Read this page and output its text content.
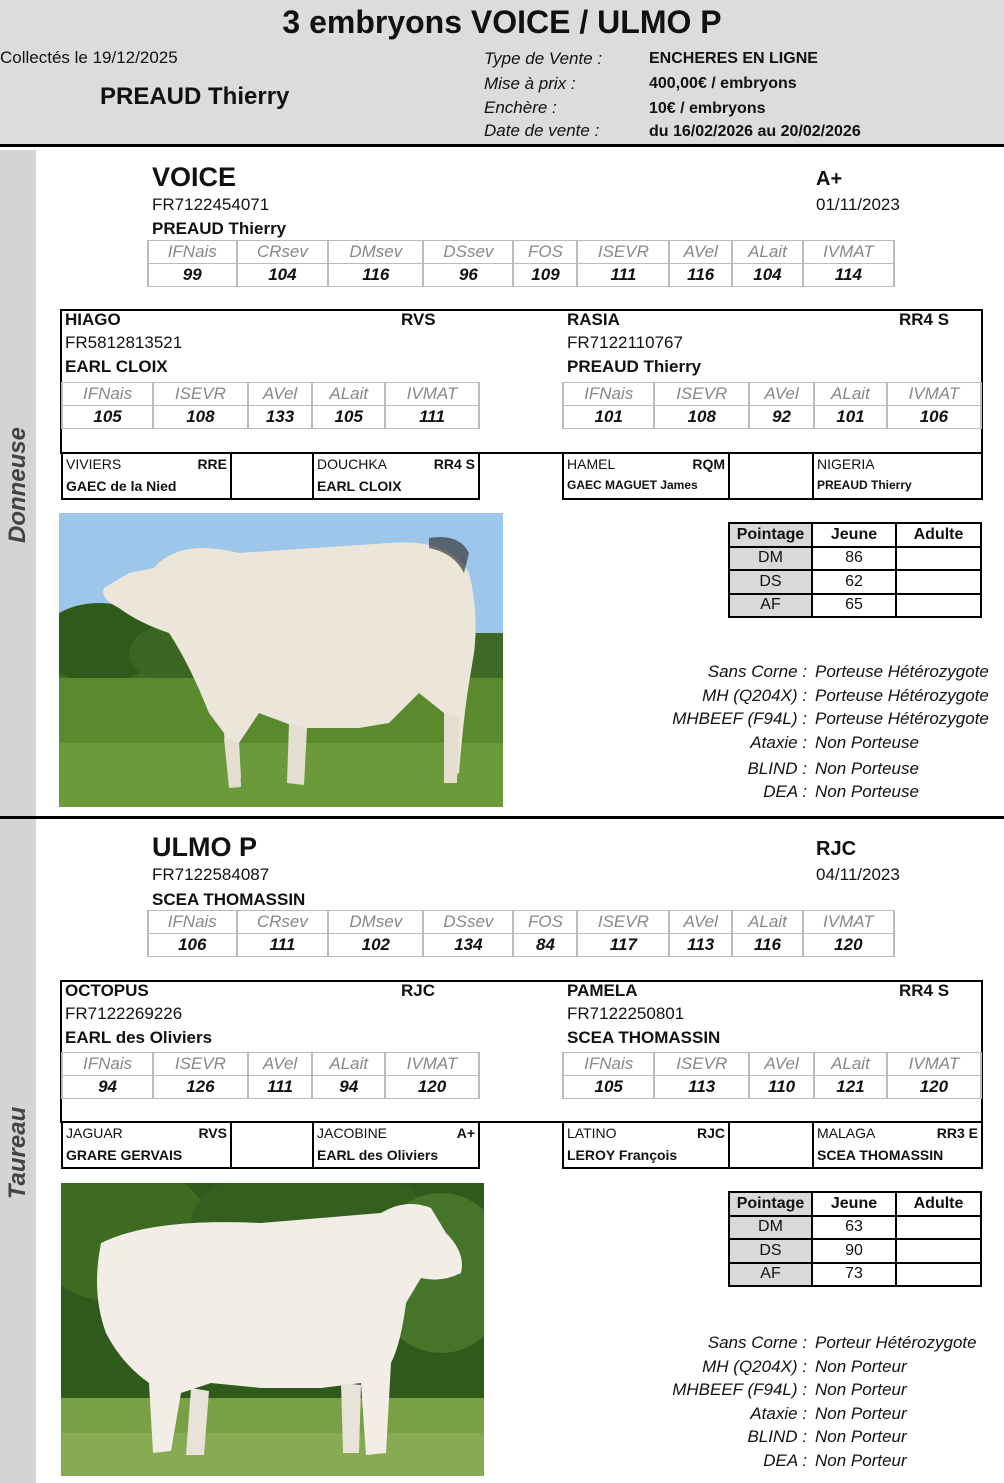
3 embryons VOICE / ULMO P
Collectés le 19/12/2025
PREAUD Thierry
Type de Vente :	ENCHERES EN LIGNE
Mise à prix :	400,00€ / embryons
Enchère :	10€ / embryons
Date de vente :	du 16/02/2026 au 20/02/2026
Donneuse
Taureau
VOICE	A+
FR7122454071	01/11/2023
PREAUD Thierry
IFNais	CRsev	DMsev	DSsev	FOS	ISEVR	AVel	ALait	IVMAT
99	104	116	96	109	111	116	104	114
HIAGO	RVS
FR5812813521
EARL CLOIX
RASIA	RR4 S
FR7122110767
PREAUD Thierry
IFNais	ISEVR	AVel	ALait	IVMAT
105	108	133	105	111
IFNais	ISEVR	AVel	ALait	IVMAT
101	108	92	101	106
VIVIERS	RRE
GAEC de la Nied
DOUCHKA	RR4 S
EARL CLOIX
HAMEL	RQM
GAEC MAGUET James
NIGERIA
PREAUD Thierry
Pointage	Jeune	Adulte
DM	86	
DS	62	
AF	65	
Sans Corne : Porteuse Hétérozygote
MH (Q204X) : Porteuse Hétérozygote
MHBEEF (F94L) : Porteuse Hétérozygote
Ataxie : Non Porteuse
BLIND : Non Porteuse
DEA : Non Porteuse
ULMO P	RJC
FR7122584087	04/11/2023
SCEA THOMASSIN
IFNais	CRsev	DMsev	DSsev	FOS	ISEVR	AVel	ALait	IVMAT
106	111	102	134	84	117	113	116	120
OCTOPUS	RJC
FR7122269226
EARL des Oliviers
PAMELA	RR4 S
FR7122250801
SCEA THOMASSIN
IFNais	ISEVR	AVel	ALait	IVMAT
94	126	111	94	120
IFNais	ISEVR	AVel	ALait	IVMAT
105	113	110	121	120
JAGUAR	RVS
GRARE GERVAIS
JACOBINE	A+
EARL des Oliviers
LATINO	RJC
LEROY François
MALAGA	RR3 E
SCEA THOMASSIN
Pointage	Jeune	Adulte
DM	63	
DS	90	
AF	73	
Sans Corne : Porteur Hétérozygote
MH (Q204X) : Non Porteur
MHBEEF (F94L) : Non Porteur
Ataxie : Non Porteur
BLIND : Non Porteur
DEA : Non Porteur
